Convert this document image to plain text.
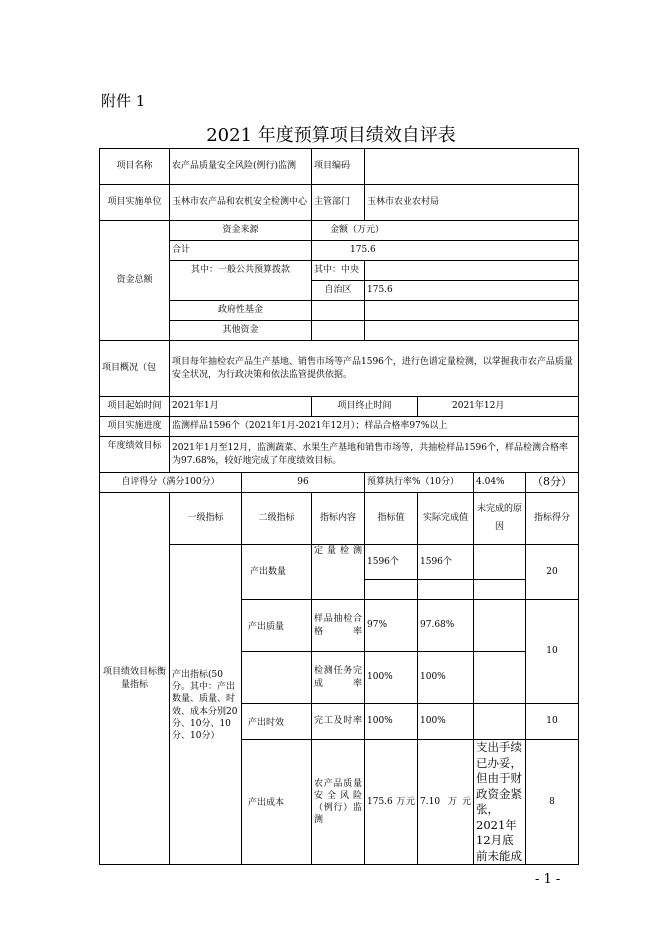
附件 1
2021 年度预算项目绩效自评表
项目名称	农产品质量安全风险(例行)监测		项目编码				
项目实施单位	玉林市农产品和农机安全检测中心		主管部门	玉林市农业农村局			
资金总额	资金来源		金额（万元）				
	合计		175.6				
	其中：一般公共预算拨款		其中：中央				
			自治区	175.6			
	政府性基金						
	其他资金						
项目概况（包	项目每年抽检农产品生产基地、销售市场等产品1596个，进行色谱定量检测，以掌握我市农产品质量安全状况，为行政决策和依法监管提供依据。						
项目起始时间	2021年1月		项目终止时间		2021年12月		
项目实施进度	监测样品1596个（2021年1月-2021年12月）；样品合格率97%以上						
年度绩效目标	2021年1月至12月，监测蔬菜、水果生产基地和销售市场等，共抽检样品1596个，样品检测合格率为97.68%，较好地完成了年度绩效目标。						
自评得分（满分100分）		96		预算执行率%（10分）		4.04%	（8分）
项目绩效目标衡量指标	一级指标	二级指标	指标内容	指标值	实际完成值	未完成的原因	指标得分
	产出指标(50分。其中：产出数量、质量、时效、成本分别20分、10分、10分、10分）	产出数量	定量检测	1596个	1596个		20

		产出质量	样品抽检合格率	97%	97.68%		10
			检测任务完成率	100%	100%		
		产出时效	完工及时率	100%	100%		10
		产出成本	农产品质量安全风险（例行）监测	175.6 万元	7.10 万元	支出手续已办妥，但由于财政资金紧张，2021年12月底前未能成	8
- 1 -
